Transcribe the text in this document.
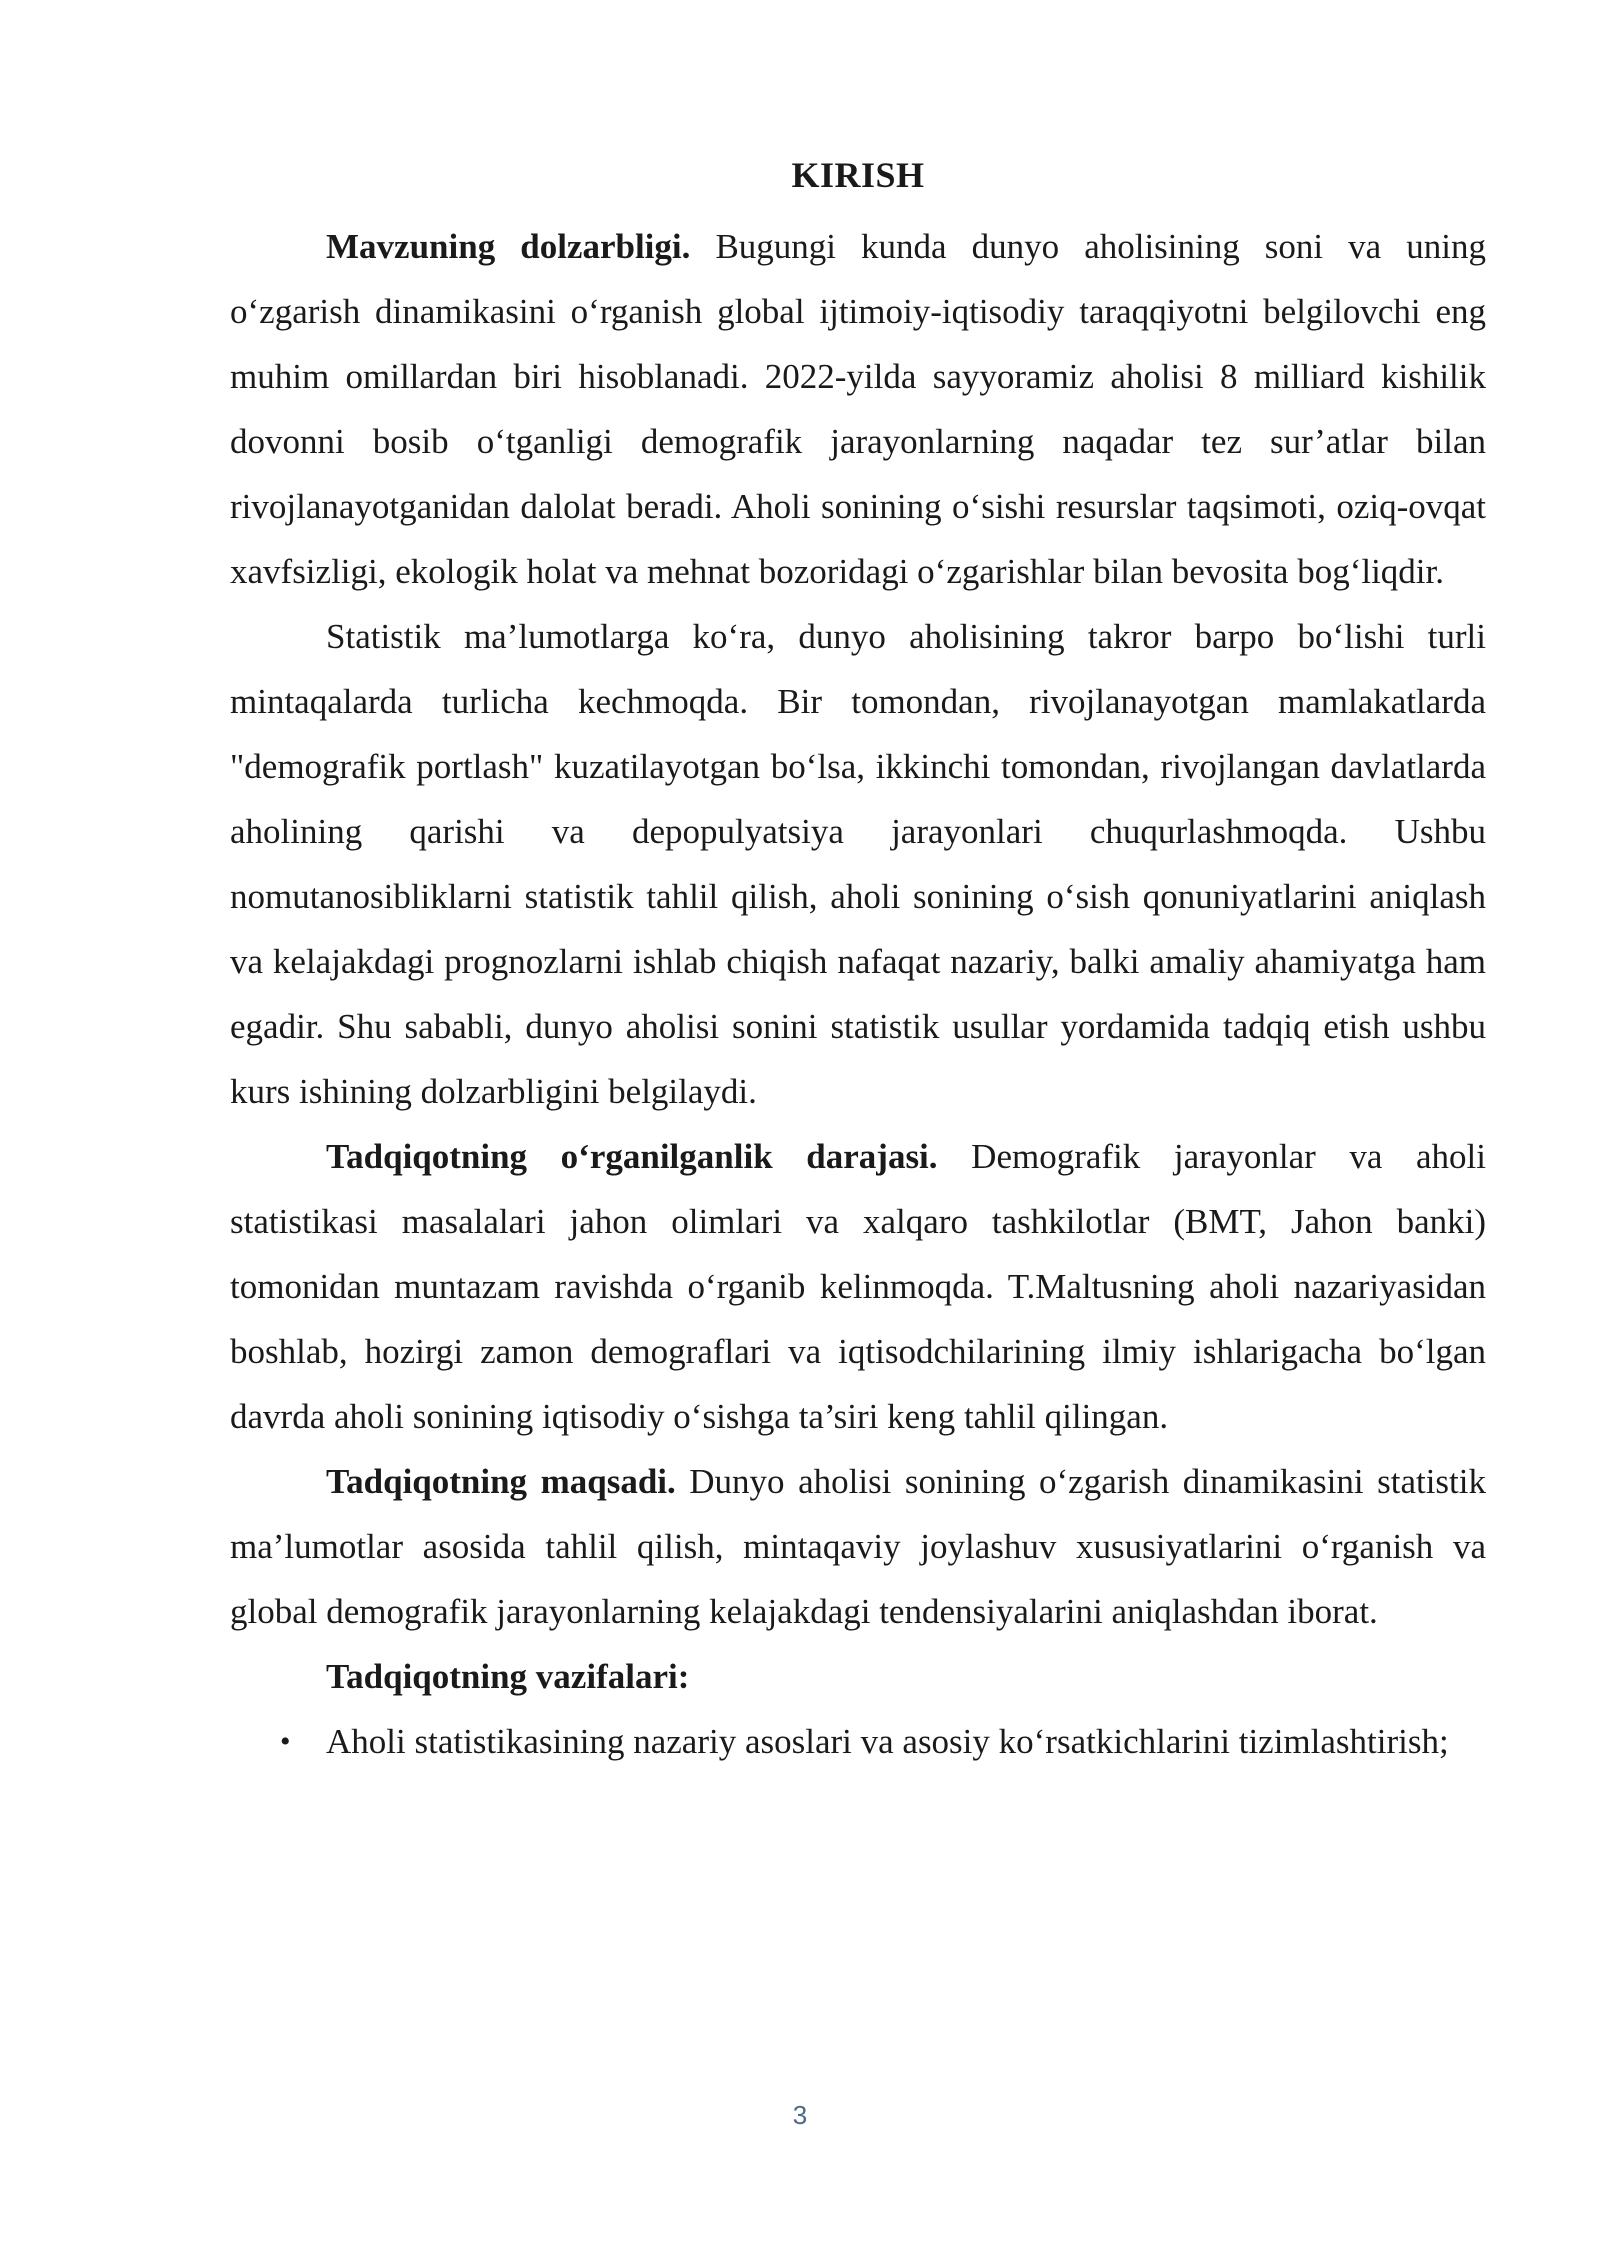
KIRISH

Mavzuning dolzarbligi. Bugungi kunda dunyo aholisining soni va uning o‘zgarish dinamikasini o‘rganish global ijtimoiy-iqtisodiy taraqqiyotni belgilovchi eng muhim omillardan biri hisoblanadi. 2022-yilda sayyoramiz aholisi 8 milliard kishilik dovonni bosib o‘tganligi demografik jarayonlarning naqadar tez sur’atlar bilan rivojlanayotganidan dalolat beradi. Aholi sonining o‘sishi resurslar taqsimoti, oziq-ovqat xavfsizligi, ekologik holat va mehnat bozoridagi o‘zgarishlar bilan bevosita bog‘liqdir.

Statistik ma’lumotlarga ko‘ra, dunyo aholisining takror barpo bo‘lishi turli mintaqalarda turlicha kechmoqda. Bir tomondan, rivojlanayotgan mamlakatlarda "demografik portlash" kuzatilayotgan bo‘lsa, ikkinchi tomondan, rivojlangan davlatlarda aholining qarishi va depopulyatsiya jarayonlari chuqurlashmoqda. Ushbu nomutanosibliklarni statistik tahlil qilish, aholi sonining o‘sish qonuniyatlarini aniqlash va kelajakdagi prognozlarni ishlab chiqish nafaqat nazariy, balki amaliy ahamiyatga ham egadir. Shu sababli, dunyo aholisi sonini statistik usullar yordamida tadqiq etish ushbu kurs ishining dolzarbligini belgilaydi.

Tadqiqotning o‘rganilganlik darajasi. Demografik jarayonlar va aholi statistikasi masalalari jahon olimlari va xalqaro tashkilotlar (BMT, Jahon banki) tomonidan muntazam ravishda o‘rganib kelinmoqda. T.Maltusning aholi nazariyasidan boshlab, hozirgi zamon demograflari va iqtisodchilarining ilmiy ishlarigacha bo‘lgan davrda aholi sonining iqtisodiy o‘sishga ta’siri keng tahlil qilingan.

Tadqiqotning maqsadi. Dunyo aholisi sonining o‘zgarish dinamikasini statistik ma’lumotlar asosida tahlil qilish, mintaqaviy joylashuv xususiyatlarini o‘rganish va global demografik jarayonlarning kelajakdagi tendensiyalarini aniqlashdan iborat.

Tadqiqotning vazifalari:
• Aholi statistikasining nazariy asoslari va asosiy ko‘rsatkichlarini tizimlashtirish;
3
